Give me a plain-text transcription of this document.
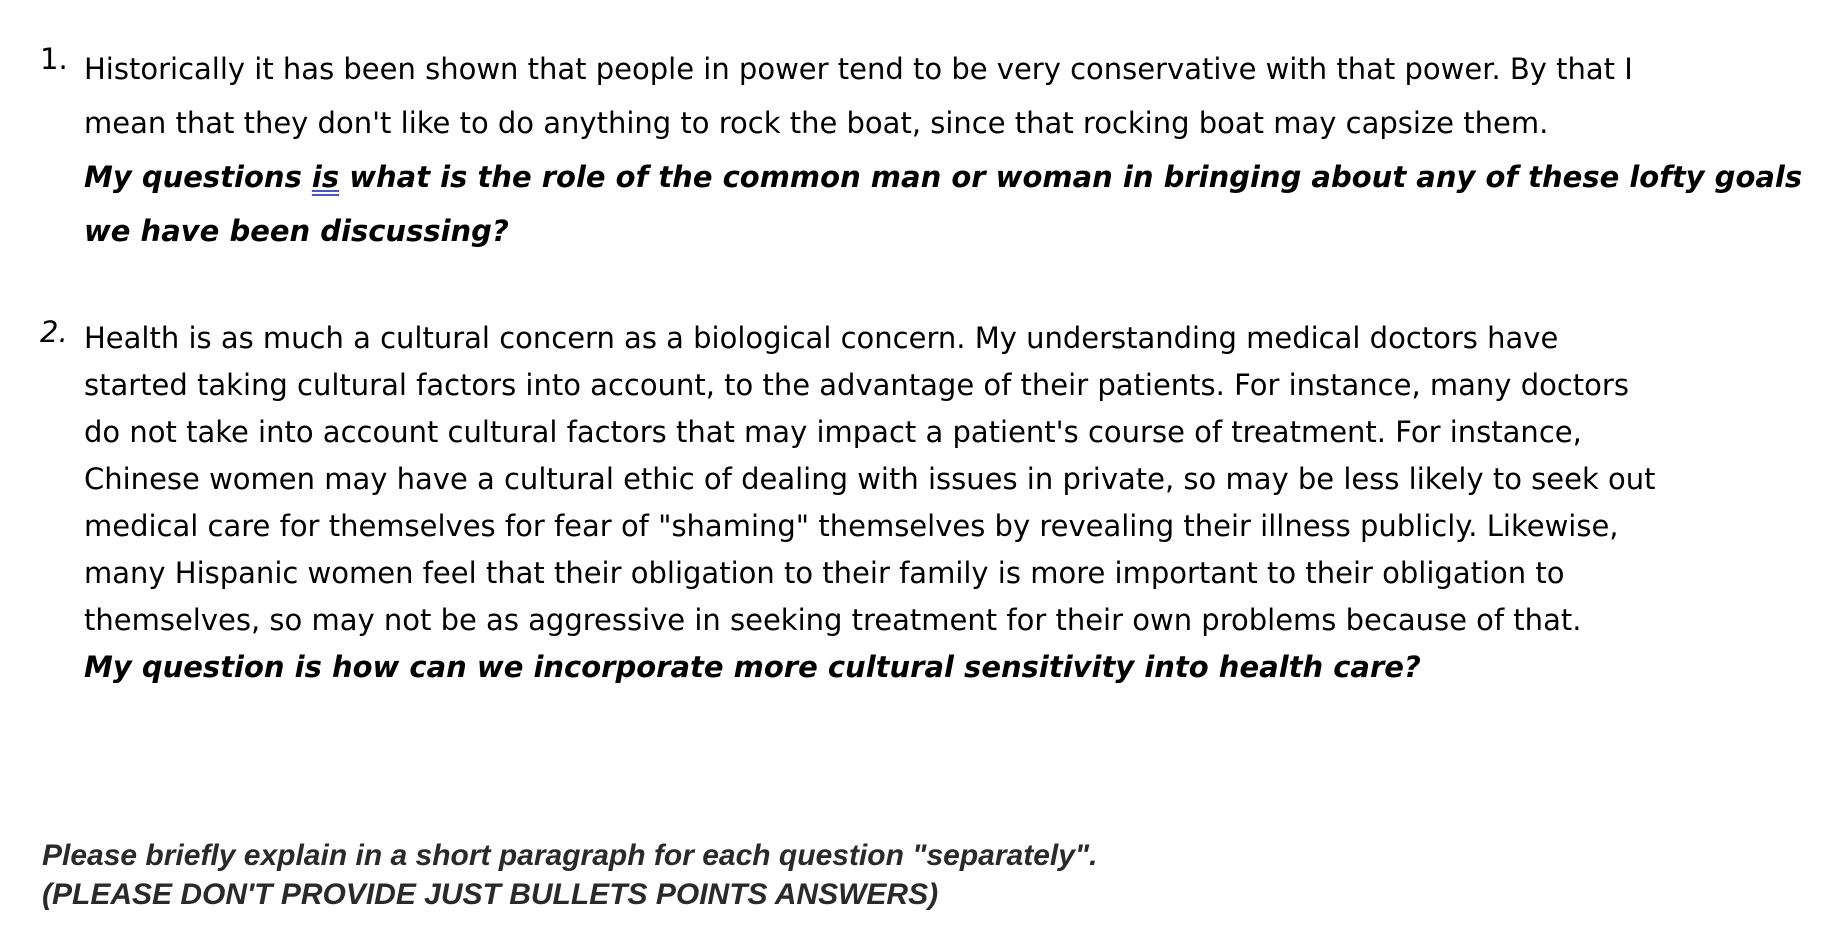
1. Historically it has been shown that people in power tend to be very conservative with that power. By that I
mean that they don't like to do anything to rock the boat, since that rocking boat may capsize them.
My questions is what is the role of the common man or woman in bringing about any of these lofty goals
we have been discussing?
2. Health is as much a cultural concern as a biological concern. My understanding medical doctors have
started taking cultural factors into account, to the advantage of their patients. For instance, many doctors
do not take into account cultural factors that may impact a patient's course of treatment. For instance,
Chinese women may have a cultural ethic of dealing with issues in private, so may be less likely to seek out
medical care for themselves for fear of "shaming" themselves by revealing their illness publicly. Likewise,
many Hispanic women feel that their obligation to their family is more important to their obligation to
themselves, so may not be as aggressive in seeking treatment for their own problems because of that.
My question is how can we incorporate more cultural sensitivity into health care?
Please briefly explain in a short paragraph for each question "separately".
(PLEASE DON'T PROVIDE JUST BULLETS POINTS ANSWERS)
